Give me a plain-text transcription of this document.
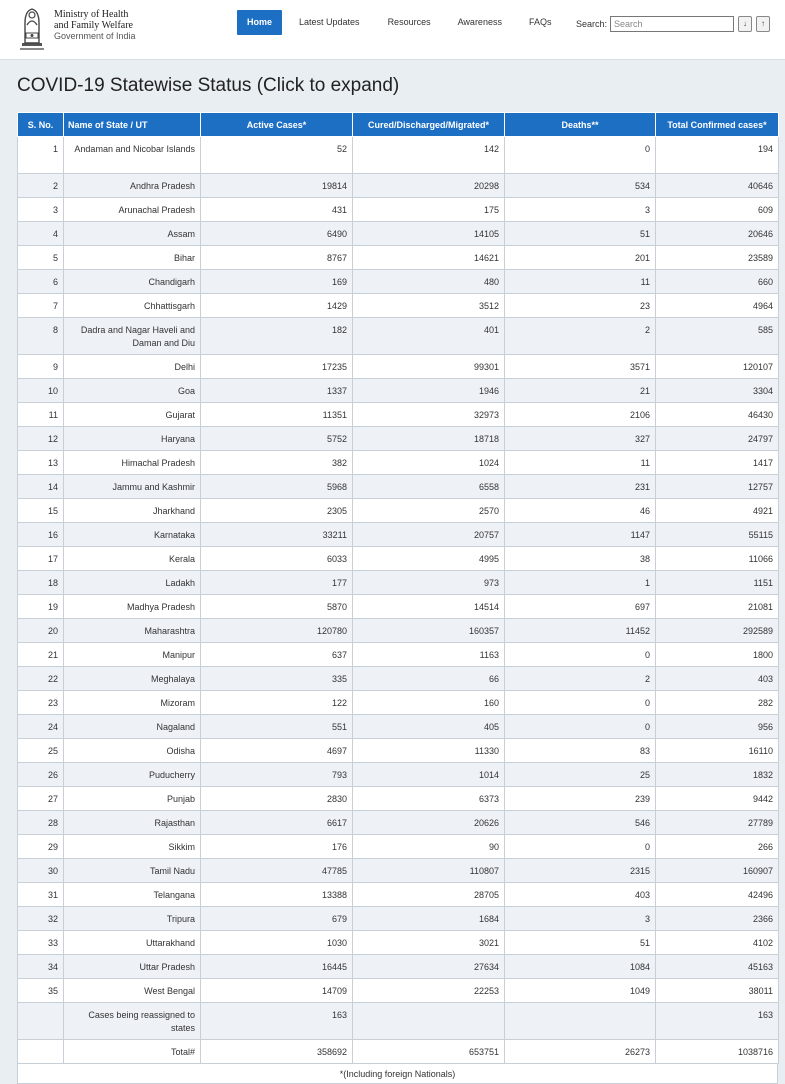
Ministry of Health
and Family Welfare
Government of India
Home	Latest Updates	Resources	Awareness	FAQs	Search:
Search	↓	↑
COVID-19 Statewise Status (Click to expand)
S. No.	Name of State / UT	Active Cases*	Cured/Discharged/Migrated*	Deaths**	Total Confirmed cases*
1	Andaman and Nicobar Islands	52	142	0	194
2	Andhra Pradesh	19814	20298	534	40646
3	Arunachal Pradesh	431	175	3	609
4	Assam	6490	14105	51	20646
5	Bihar	8767	14621	201	23589
6	Chandigarh	169	480	11	660
7	Chhattisgarh	1429	3512	23	4964
8	Dadra and Nagar Haveli and Daman and Diu	182	401	2	585
9	Delhi	17235	99301	3571	120107
10	Goa	1337	1946	21	3304
11	Gujarat	11351	32973	2106	46430
12	Haryana	5752	18718	327	24797
13	Himachal Pradesh	382	1024	11	1417
14	Jammu and Kashmir	5968	6558	231	12757
15	Jharkhand	2305	2570	46	4921
16	Karnataka	33211	20757	1147	55115
17	Kerala	6033	4995	38	11066
18	Ladakh	177	973	1	1151
19	Madhya Pradesh	5870	14514	697	21081
20	Maharashtra	120780	160357	11452	292589
21	Manipur	637	1163	0	1800
22	Meghalaya	335	66	2	403
23	Mizoram	122	160	0	282
24	Nagaland	551	405	0	956
25	Odisha	4697	11330	83	16110
26	Puducherry	793	1014	25	1832
27	Punjab	2830	6373	239	9442
28	Rajasthan	6617	20626	546	27789
29	Sikkim	176	90	0	266
30	Tamil Nadu	47785	110807	2315	160907
31	Telangana	13388	28705	403	42496
32	Tripura	679	1684	3	2366
33	Uttarakhand	1030	3021	51	4102
34	Uttar Pradesh	16445	27634	1084	45163
35	West Bengal	14709	22253	1049	38011
	Cases being reassigned to states	163			163
	Total#	358692	653751	26273	1038716
*(Including foreign Nationals)
